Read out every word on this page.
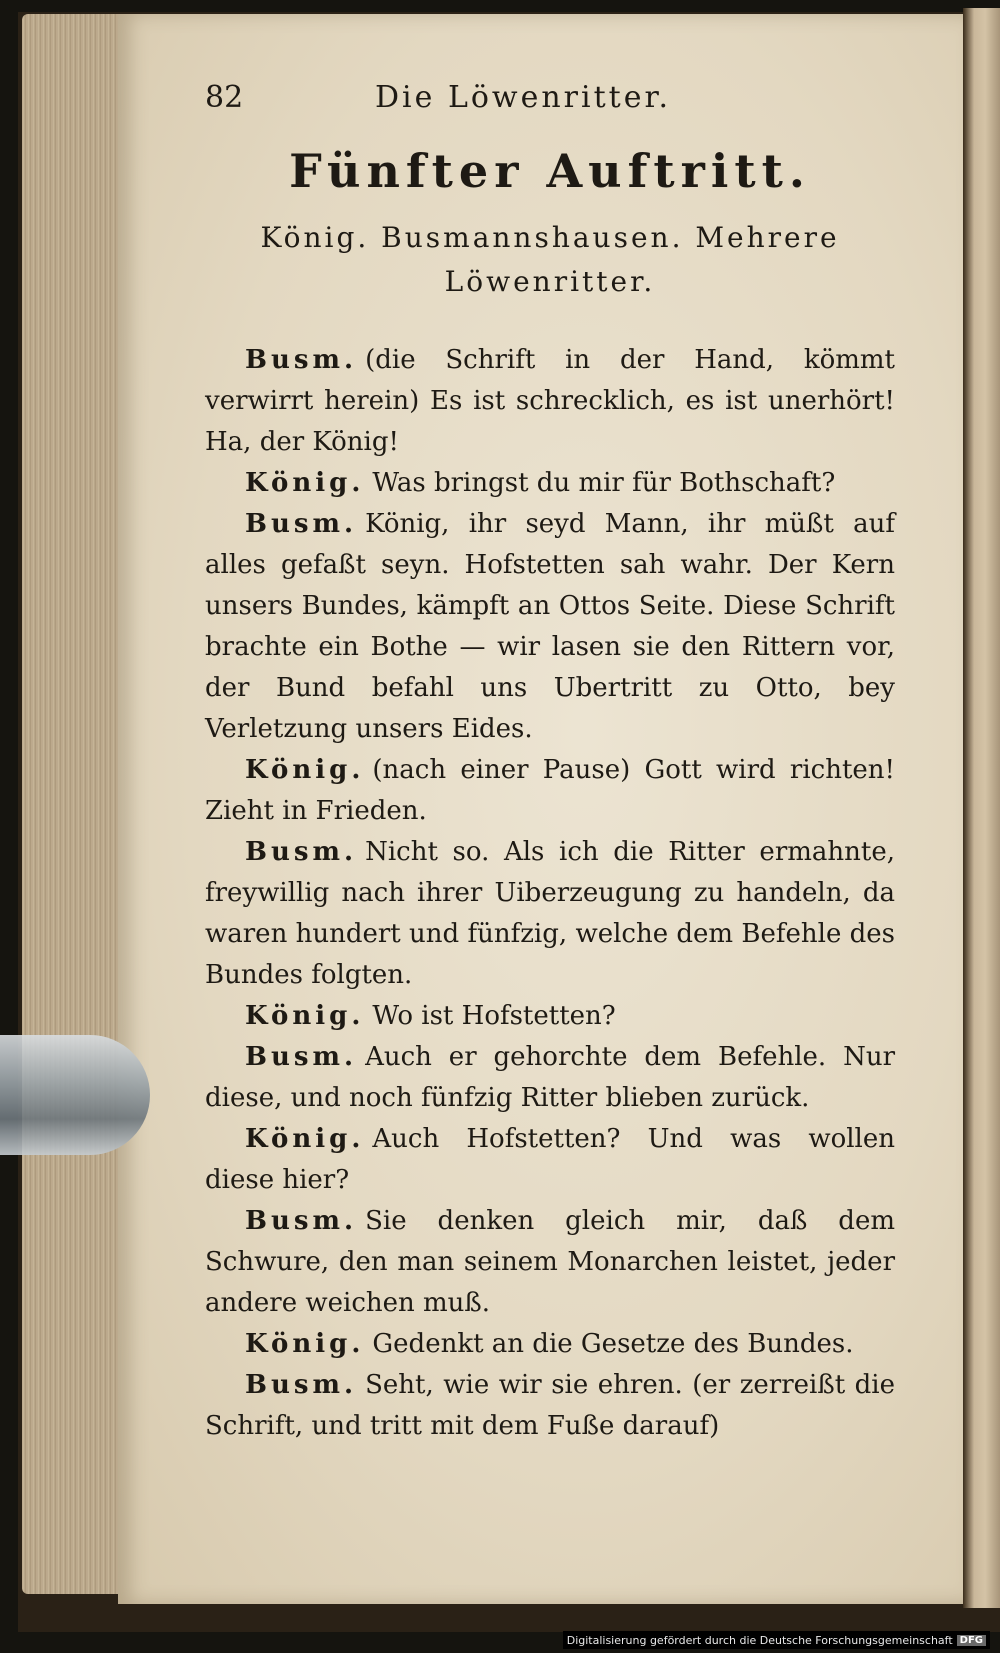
82	Die Löwenritter.
Fünfter Auftritt.
König. Busmannshausen. Mehrere
Löwenritter.

Busm. (die Schrift in der Hand, kömmt verwirrt herein) Es ist schrecklich, es ist unerhört! Ha, der König!

König. Was bringst du mir für Bothschaft?

Busm. König, ihr seyd Mann, ihr müßt auf alles gefaßt seyn. Hofstetten sah wahr. Der Kern unsers Bundes, kämpft an Ottos Seite. Diese Schrift brachte ein Bothe — wir lasen sie den Rittern vor, der Bund befahl uns Ubertritt zu Otto, bey Verletzung unsers Eides.

König. (nach einer Pause) Gott wird richten! Zieht in Frieden.

Busm. Nicht so. Als ich die Ritter ermahnte, freywillig nach ihrer Uiberzeugung zu handeln, da waren hundert und fünfzig, welche dem Befehle des Bundes folgten.

König. Wo ist Hofstetten?

Busm. Auch er gehorchte dem Befehle. Nur diese, und noch fünfzig Ritter blieben zurück.

König. Auch Hofstetten? Und was wollen diese hier?

Busm. Sie denken gleich mir, daß dem Schwure, den man seinem Monarchen leistet, jeder andere weichen muß.

König. Gedenkt an die Gesetze des Bundes.

Busm. Seht, wie wir sie ehren. (er zerreißt die Schrift, und tritt mit dem Fuße darauf)

Digitalisierung gefördert durch die Deutsche Forschungsgemeinschaft DFG
